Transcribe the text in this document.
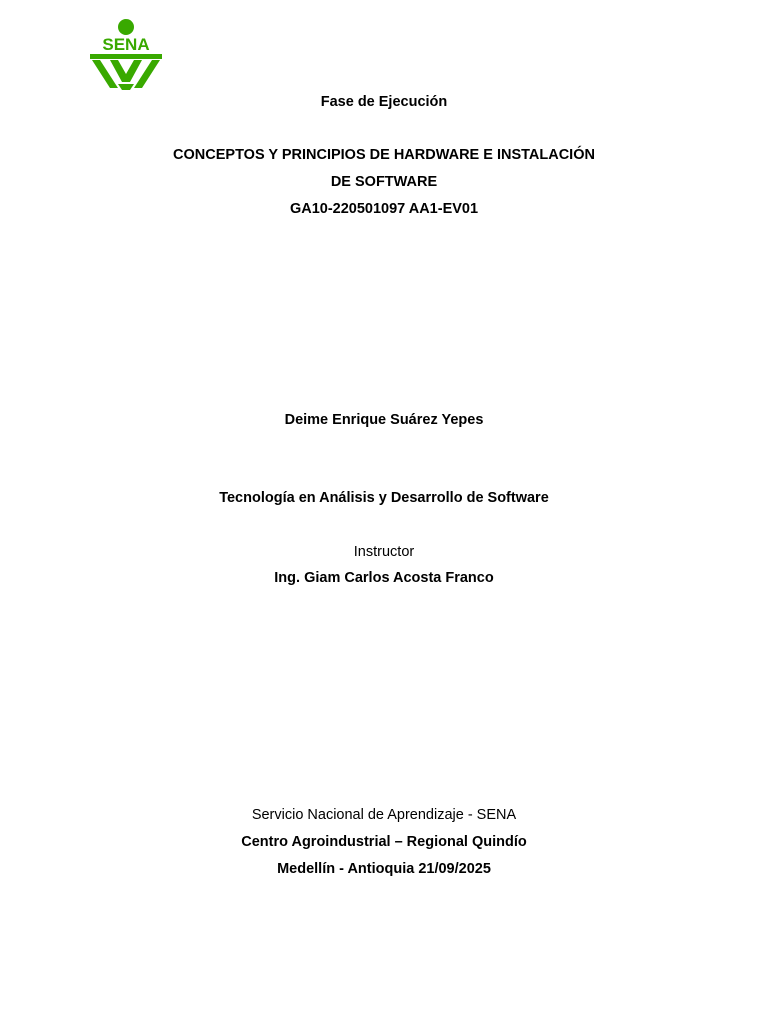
SENA
Fase de Ejecución
CONCEPTOS Y PRINCIPIOS DE HARDWARE E INSTALACIÓN
DE SOFTWARE
GA10-220501097 AA1-EV01
Deime Enrique Suárez Yepes
Tecnología en Análisis y Desarrollo de Software
Instructor
Ing. Giam Carlos Acosta Franco
Servicio Nacional de Aprendizaje - SENA
Centro Agroindustrial – Regional Quindío
Medellín - Antioquia 21/09/2025
